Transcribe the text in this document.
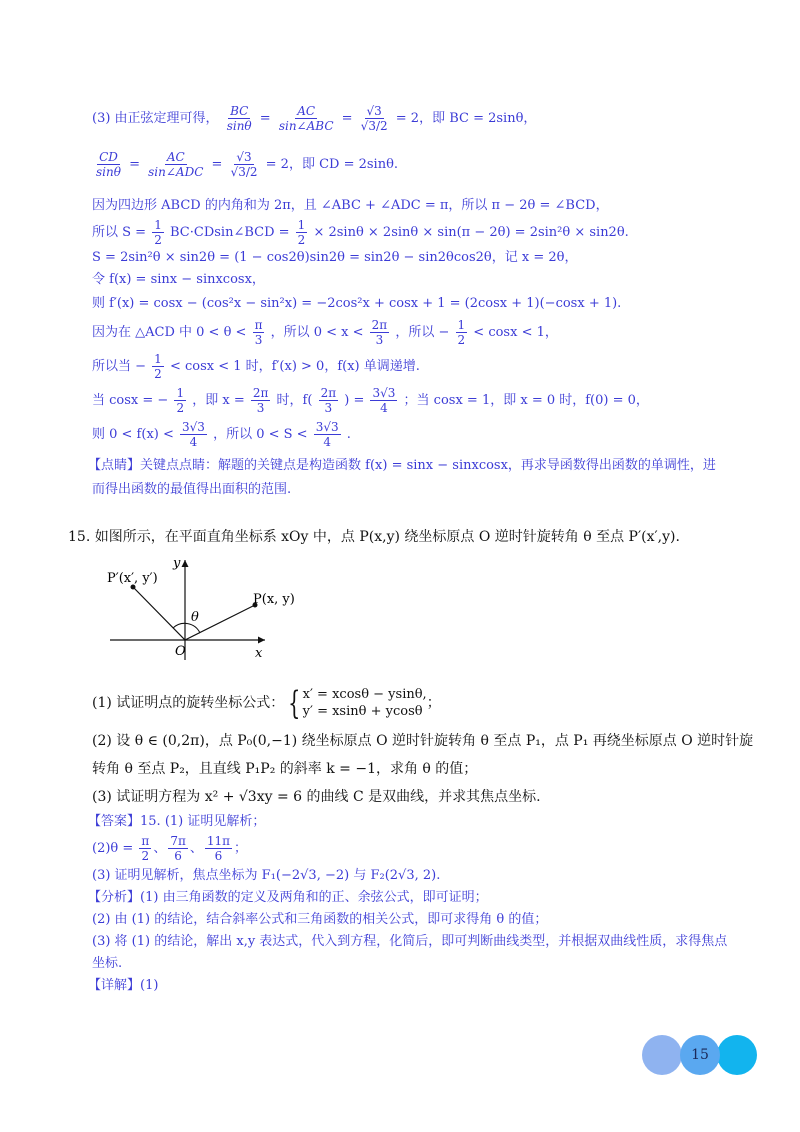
(3) 由正弦定理可得， $\frac{BC}{\sin\theta} = \frac{AC}{\text{sin∠ABC}} = \frac{√3}{√3/2} = 2$，即 BC = 2sinθ，
$\frac{CD}{\sin\theta} = \frac{AC}{\text{sin∠ADC}} = \frac{√3}{√3/2} = 2$，即 CD = 2sinθ.
因为四边形 ABCD 的内角和为 2π，且 ∠ABC + ∠ADC = π，所以 π − 2θ = ∠BCD，
所以 $S = \frac{1}{2}$ BC·CDsin∠BCD = $\frac{1}{2} \times 2\sin\theta \times 2\sin\theta \times \sin(\pi - 2\theta) = 2\sin^2\theta \times \sin 2\theta$.
S = 2sin²θ × sin2θ = (1 − cos2θ)sin2θ = sin2θ − sin2θcos2θ，记 x = 2θ，
令 f(x) = sinx − sinxcosx，
则 f′(x) = cosx − (cos²x − sin²x) = −2cos²x + cosx + 1 = (2cosx + 1)(−cosx + 1).
因为在 △ACD 中 $0 < \theta < \frac{\pi}{3}$ ，所以 $0 < x < \frac{2\pi}{3}$ ，所以 − $\frac{1}{2} < \cos x < 1$，
所以当 − $\frac{1}{2} < \cos x < 1$ 时，f′(x) > 0，f(x) 单调递增.
当 cosx = − $\frac{1}{2}$ ，即 $x = \frac{2\pi}{3}$ 时，$f( \frac{2\pi}{3}$ ) = $\frac{3√3}{4}$ ；当 cosx = 1，即 x = 0 时，f(0) = 0，
则 $0 < f(x) < \frac{3√3}{4}$ ，所以 $0 < S < \frac{3√3}{4}$ .
【点睛】关键点点睛：解题的关键点是构造函数 f(x) = sinx − sinxcosx，再求导函数得出函数的单调性，进
而得出函数的最值得出面积的范围.
15. 如图所示，在平面直角坐标系 xOy 中，点 P(x,y) 绕坐标原点 O 逆时针旋转角 θ 至点 P′(x′,y).
θ
P(x, y)
P′(x′, y′)
O	x
y
(1) 试证明点的旋转坐标公式： { x′ = xcosθ − ysinθ,
y′ = xsinθ + ycosθ
；
(2) 设 θ ∈ (0,2π)，点 P₀(0,−1) 绕坐标原点 O 逆时针旋转角 θ 至点 P₁，点 P₁ 再绕坐标原点 O 逆时针旋
转角 θ 至点 P₂，且直线 P₁P₂ 的斜率 k = −1，求角 θ 的值；
(3) 试证明方程为 x² + √3xy = 6 的曲线 C 是双曲线，并求其焦点坐标.
【答案】15. (1) 证明见解析；
$(2)\theta = \frac{\pi}{2}$ 、 $\frac{7\pi}{6}$ 、 $\frac{11\pi}{6}$ ；
(3) 证明见解析，焦点坐标为 F₁(−2√3, −2) 与 F₂(2√3, 2).
【分析】(1) 由三角函数的定义及两角和的正、余弦公式，即可证明；
(2) 由 (1) 的结论，结合斜率公式和三角函数的相关公式，即可求得角 θ 的值；
(3) 将 (1) 的结论，解出 x,y 表达式，代入到方程，化简后，即可判断曲线类型，并根据双曲线性质，求得焦点
坐标.
【详解】(1)
15
